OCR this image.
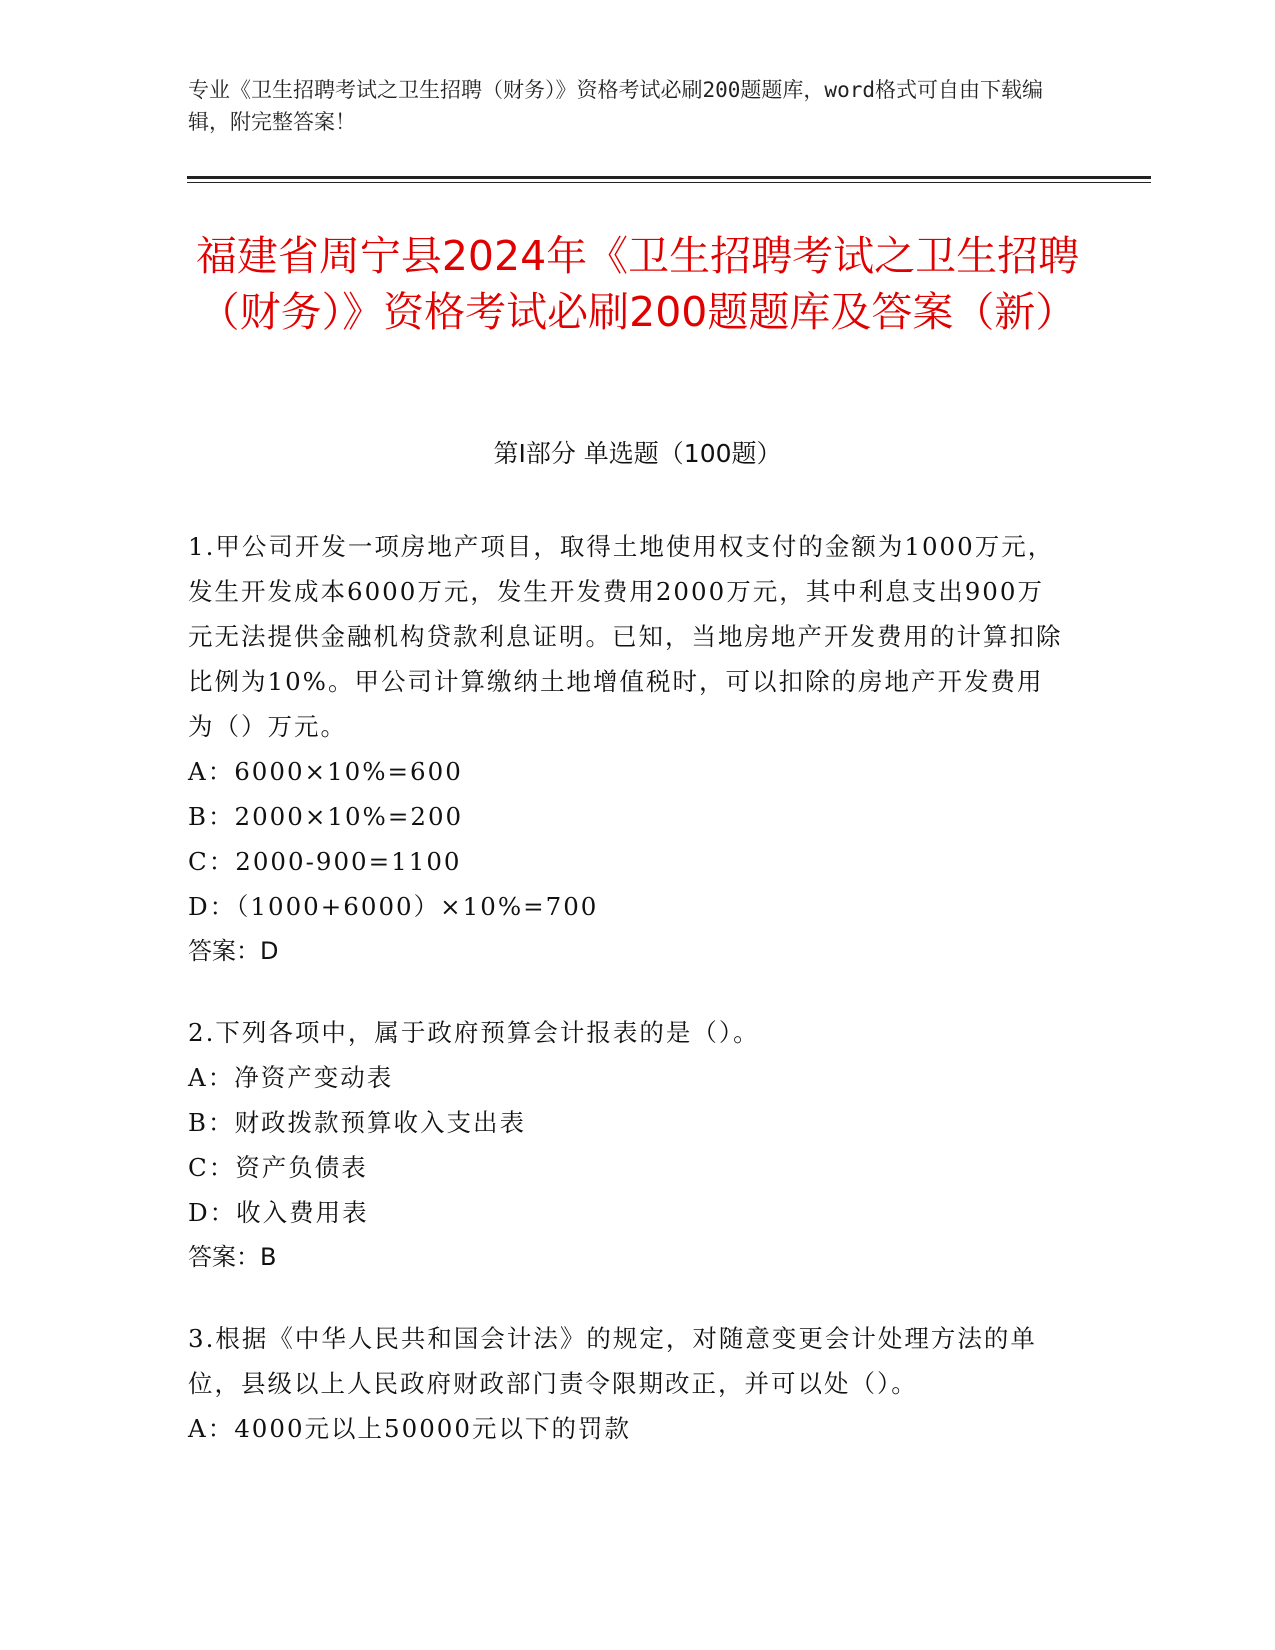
专业《卫生招聘考试之卫生招聘（财务）》资格考试必刷200题题库，word格式可自由下载编辑，附完整答案！
福建省周宁县2024年《卫生招聘考试之卫生招聘（财务）》资格考试必刷200题题库及答案（新）
第Ⅰ部分 单选题（100题）

1.甲公司开发一项房地产项目，取得土地使用权支付的金额为1000万元，发生开发成本6000万元，发生开发费用2000万元，其中利息支出900万元无法提供金融机构贷款利息证明。已知，当地房地产开发费用的计算扣除比例为10%。甲公司计算缴纳土地增值税时，可以扣除的房地产开发费用为（）万元。

A：6000×10%=600

B：2000×10%=200

C：2000-900=1100

D：（1000+6000）×10%=700

答案：D

2.下列各项中，属于政府预算会计报表的是（）。

A：净资产变动表

B：财政拨款预算收入支出表

C：资产负债表

D：收入费用表

答案：B

3.根据《中华人民共和国会计法》的规定，对随意变更会计处理方法的单位，县级以上人民政府财政部门责令限期改正，并可以处（）。

A：4000元以上50000元以下的罚款
